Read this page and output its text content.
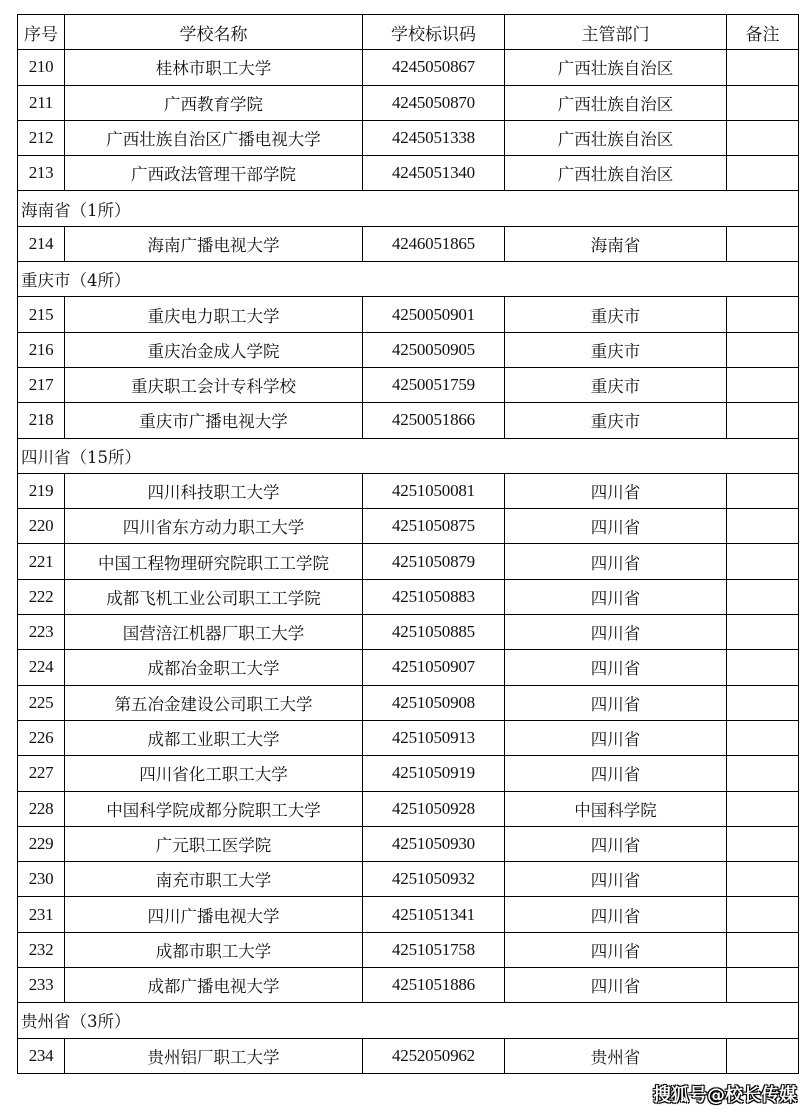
序号	学校名称	学校标识码	主管部门	备注
210	桂林市职工大学	4245050867	广西壮族自治区	
211	广西教育学院	4245050870	广西壮族自治区	
212	广西壮族自治区广播电视大学	4245051338	广西壮族自治区	
213	广西政法管理干部学院	4245051340	广西壮族自治区	
海南省（1所）				
214	海南广播电视大学	4246051865	海南省	
重庆市（4所）				
215	重庆电力职工大学	4250050901	重庆市	
216	重庆冶金成人学院	4250050905	重庆市	
217	重庆职工会计专科学校	4250051759	重庆市	
218	重庆市广播电视大学	4250051866	重庆市	
四川省（15所）				
219	四川科技职工大学	4251050081	四川省	
220	四川省东方动力职工大学	4251050875	四川省	
221	中国工程物理研究院职工工学院	4251050879	四川省	
222	成都飞机工业公司职工工学院	4251050883	四川省	
223	国营涪江机器厂职工大学	4251050885	四川省	
224	成都冶金职工大学	4251050907	四川省	
225	第五冶金建设公司职工大学	4251050908	四川省	
226	成都工业职工大学	4251050913	四川省	
227	四川省化工职工大学	4251050919	四川省	
228	中国科学院成都分院职工大学	4251050928	中国科学院	
229	广元职工医学院	4251050930	四川省	
230	南充市职工大学	4251050932	四川省	
231	四川广播电视大学	4251051341	四川省	
232	成都市职工大学	4251051758	四川省	
233	成都广播电视大学	4251051886	四川省	
贵州省（3所）				
234	贵州铝厂职工大学	4252050962	贵州省	
搜狐号@校长传媒
